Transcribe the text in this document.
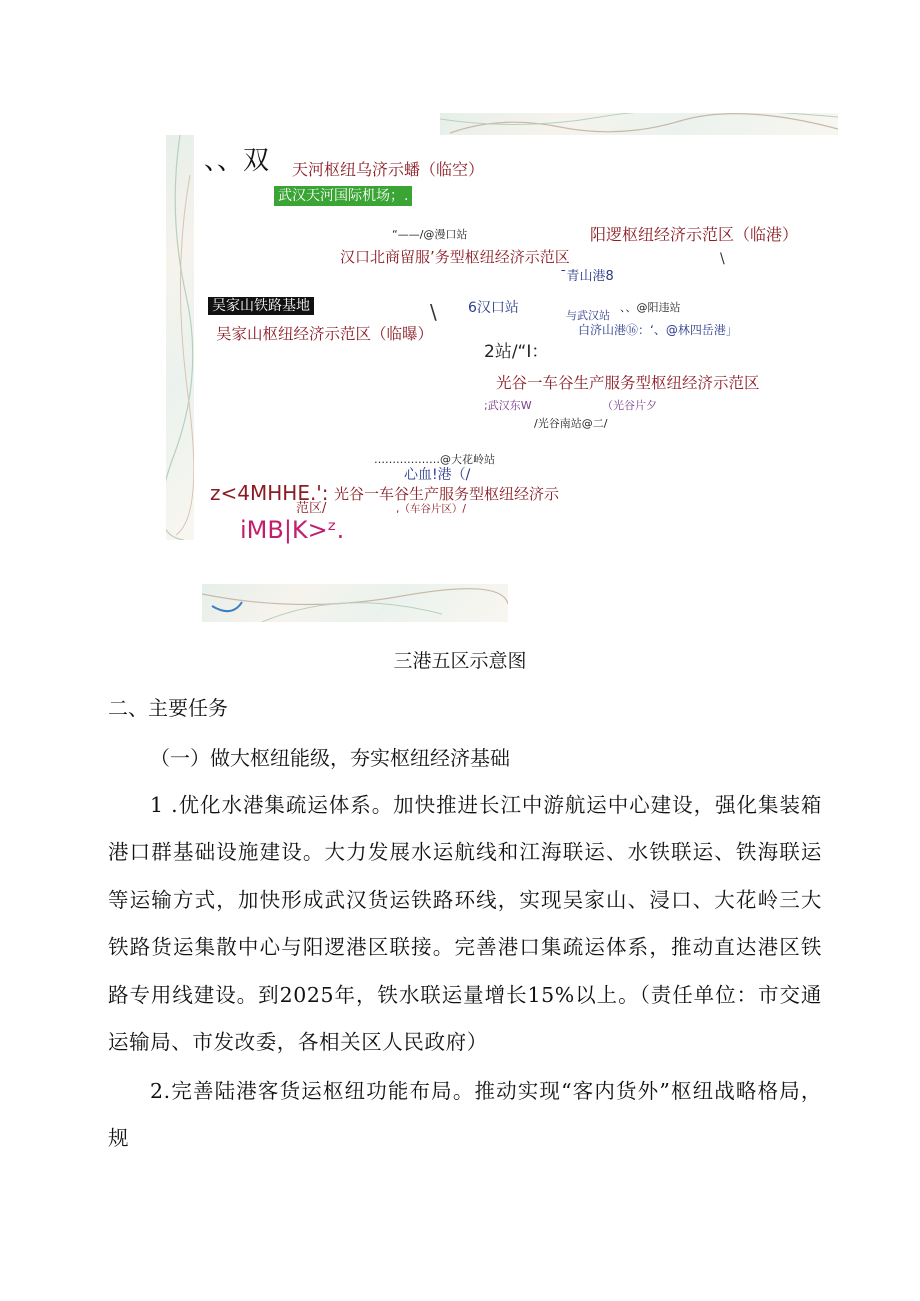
、、双 天河枢纽乌济示蟠（临空）
武汉天河国际机场；.
“——/@漫口站	阳逻枢纽经济示范区（临港）
汉口北商留服’务型枢纽经济示范区	\
¯青山港8
吴家山铁路基地	\ 6汉口站	与武汉站
、、@阳违站
吴家山枢纽经济示范区（临曝）	白济山港⑯：‘、@林四岳港」
2站/“I：
光谷一车谷生产服务型枢纽经济示范区
;武汉东W	（光谷片夕
/光谷南站@二/
………………@大花岭站
心血!港（/
z<4MHHE.': 光谷一车谷生产服务型枢纽经济示
范区/	,（车谷片区）/
iMB|K>ᶻ.
三港五区示意图
二、主要任务
（一）做大枢纽能级，夯实枢纽经济基础
1 .优化水港集疏运体系。加快推进长江中游航运中心建设，强化集装箱港口群基础设施建设。大力发展水运航线和江海联运、水铁联运、铁海联运等运输方式，加快形成武汉货运铁路环线，实现吴家山、浸口、大花岭三大铁路货运集散中心与阳逻港区联接。完善港口集疏运体系，推动直达港区铁路专用线建设。到2025年，铁水联运量增长15%以上。（责任单位：市交通运输局、市发改委，各相关区人民政府）
2.完善陆港客货运枢纽功能布局。推动实现“客内货外”枢纽战略格局，规
